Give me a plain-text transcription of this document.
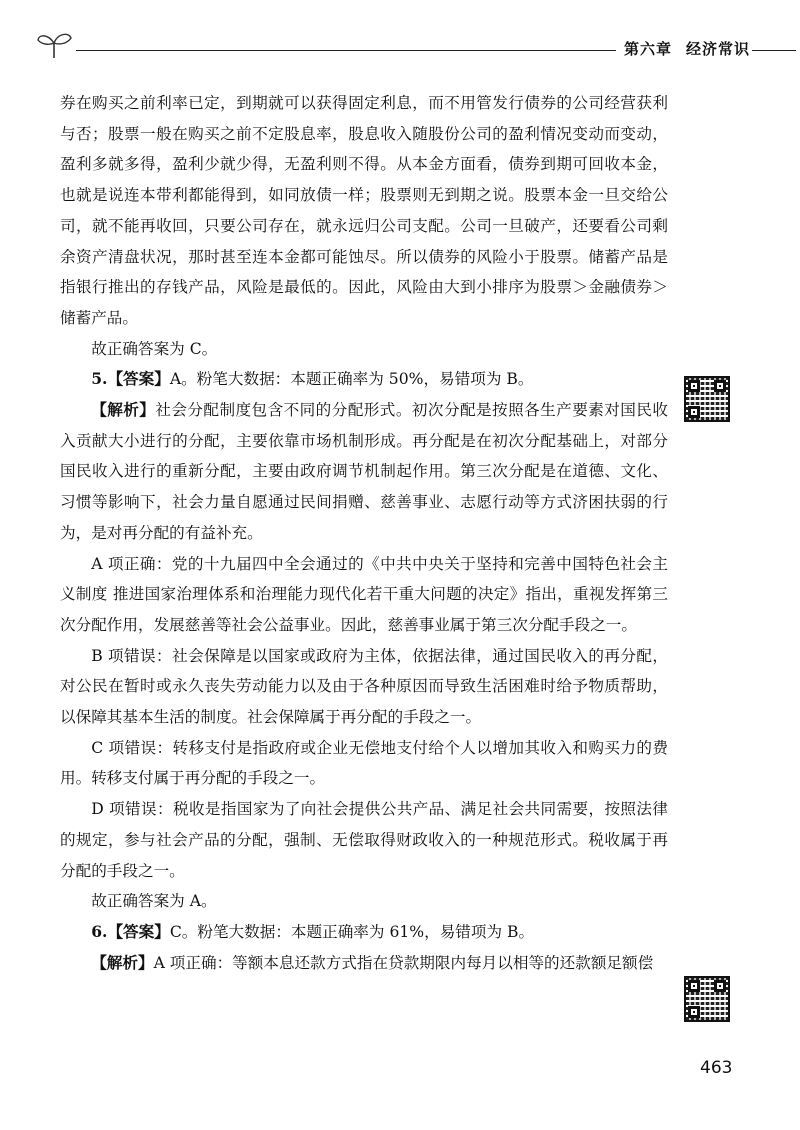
第六章 经济常识

券在购买之前利率已定，到期就可以获得固定利息，而不用管发行债券的公司经营获利与否；股票一般在购买之前不定股息率，股息收入随股份公司的盈利情况变动而变动，盈利多就多得，盈利少就少得，无盈利则不得。从本金方面看，债券到期可回收本金，也就是说连本带利都能得到，如同放债一样；股票则无到期之说。股票本金一旦交给公司，就不能再收回，只要公司存在，就永远归公司支配。公司一旦破产，还要看公司剩余资产清盘状况，那时甚至连本金都可能蚀尽。所以债券的风险小于股票。储蓄产品是指银行推出的存钱产品，风险是最低的。因此，风险由大到小排序为股票＞金融债券＞储蓄产品。

故正确答案为 C。

5.【答案】A。粉笔大数据：本题正确率为 50%，易错项为 B。

【解析】社会分配制度包含不同的分配形式。初次分配是按照各生产要素对国民收入贡献大小进行的分配，主要依靠市场机制形成。再分配是在初次分配基础上，对部分国民收入进行的重新分配，主要由政府调节机制起作用。第三次分配是在道德、文化、习惯等影响下，社会力量自愿通过民间捐赠、慈善事业、志愿行动等方式济困扶弱的行为，是对再分配的有益补充。

A 项正确：党的十九届四中全会通过的《中共中央关于坚持和完善中国特色社会主义制度 推进国家治理体系和治理能力现代化若干重大问题的决定》指出，重视发挥第三次分配作用，发展慈善等社会公益事业。因此，慈善事业属于第三次分配手段之一。

B 项错误：社会保障是以国家或政府为主体，依据法律，通过国民收入的再分配，对公民在暂时或永久丧失劳动能力以及由于各种原因而导致生活困难时给予物质帮助，以保障其基本生活的制度。社会保障属于再分配的手段之一。

C 项错误：转移支付是指政府或企业无偿地支付给个人以增加其收入和购买力的费用。转移支付属于再分配的手段之一。

D 项错误：税收是指国家为了向社会提供公共产品、满足社会共同需要，按照法律的规定，参与社会产品的分配，强制、无偿取得财政收入的一种规范形式。税收属于再分配的手段之一。

故正确答案为 A。

6.【答案】C。粉笔大数据：本题正确率为 61%，易错项为 B。

【解析】A 项正确：等额本息还款方式指在贷款期限内每月以相等的还款额足额偿

463
